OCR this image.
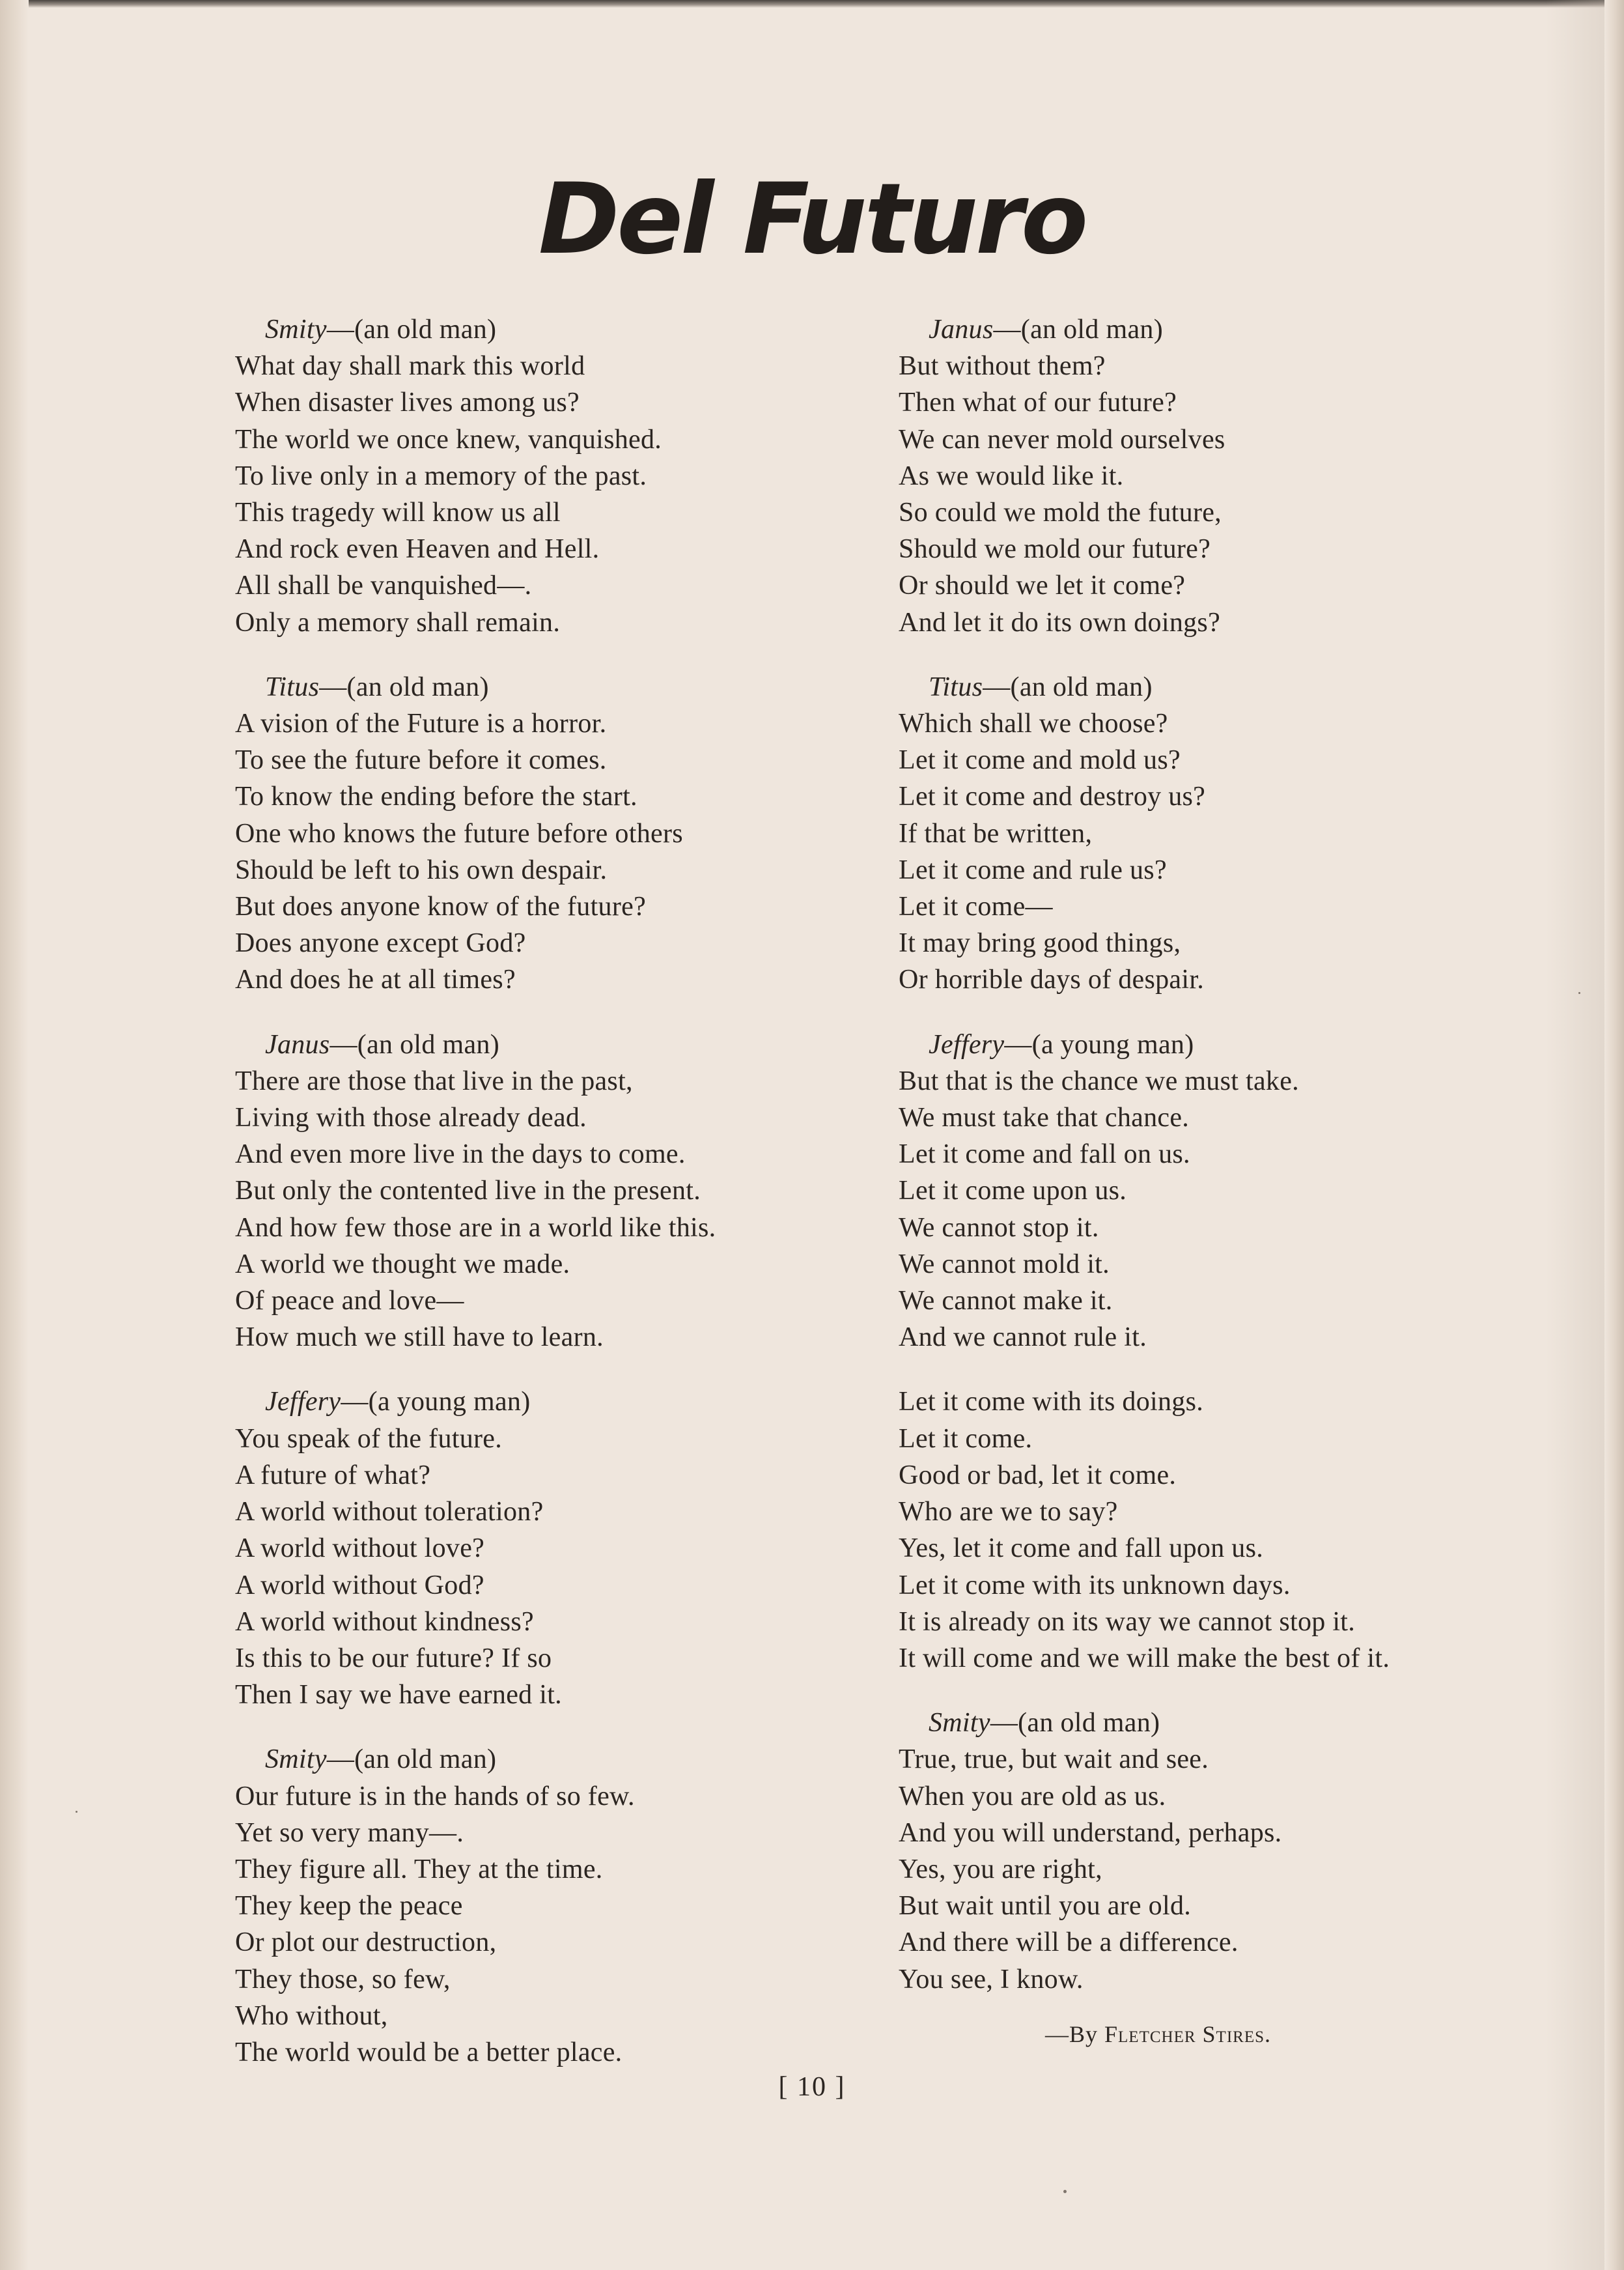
Del Futuro
Smity—(an old man)
What day shall mark this world
When disaster lives among us?
The world we once knew, vanquished.
To live only in a memory of the past.
This tragedy will know us all
And rock even Heaven and Hell.
All shall be vanquished—.
Only a memory shall remain.
Titus—(an old man)
A vision of the Future is a horror.
To see the future before it comes.
To know the ending before the start.
One who knows the future before others
Should be left to his own despair.
But does anyone know of the future?
Does anyone except God?
And does he at all times?
Janus—(an old man)
There are those that live in the past,
Living with those already dead.
And even more live in the days to come.
But only the contented live in the present.
And how few those are in a world like this.
A world we thought we made.
Of peace and love—
How much we still have to learn.
Jeffery—(a young man)
You speak of the future.
A future of what?
A world without toleration?
A world without love?
A world without God?
A world without kindness?
Is this to be our future? If so
Then I say we have earned it.
Smity—(an old man)
Our future is in the hands of so few.
Yet so very many—.
They figure all. They at the time.
They keep the peace
Or plot our destruction,
They those, so few,
Who without,
The world would be a better place.
Janus—(an old man)
But without them?
Then what of our future?
We can never mold ourselves
As we would like it.
So could we mold the future,
Should we mold our future?
Or should we let it come?
And let it do its own doings?
Titus—(an old man)
Which shall we choose?
Let it come and mold us?
Let it come and destroy us?
If that be written,
Let it come and rule us?
Let it come—
It may bring good things,
Or horrible days of despair.
Jeffery—(a young man)
But that is the chance we must take.
We must take that chance.
Let it come and fall on us.
Let it come upon us.
We cannot stop it.
We cannot mold it.
We cannot make it.
And we cannot rule it.
Let it come with its doings.
Let it come.
Good or bad, let it come.
Who are we to say?
Yes, let it come and fall upon us.
Let it come with its unknown days.
It is already on its way we cannot stop it.
It will come and we will make the best of it.
Smity—(an old man)
True, true, but wait and see.
When you are old as us.
And you will understand, perhaps.
Yes, you are right,
But wait until you are old.
And there will be a difference.
You see, I know.
—By Fletcher Stires.
[ 10 ]
